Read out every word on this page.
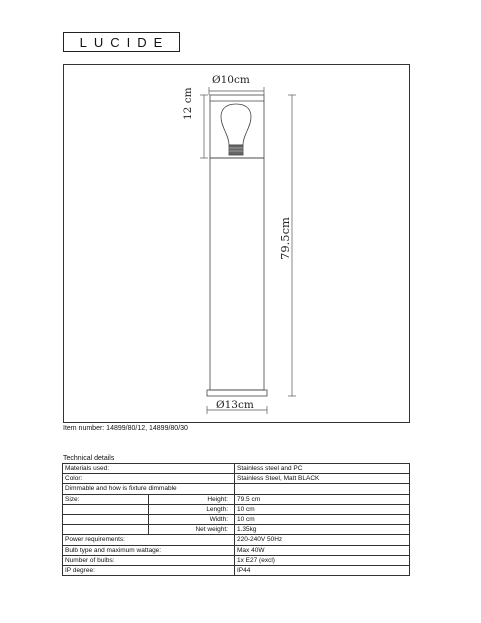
LUCIDE
Ø10cm
12 cm
79.5cm
Ø13cm
Item number: 14899/80/12, 14899/80/30
Technical details
Materials used:		Stainless steel and PC
Color:		Stainless Steel, Matt BLACK
Dimmable and how is fixture dimmable		
Size:	Height:	79.5 cm
	Length:	10 cm
	Width:	10 cm
	Net weight:	1.35kg
Power requirements:		220-240V 50Hz
Bulb type and maximum wattage:		Max 40W
Number of bulbs:		1x E27 (excl)
IP degree:		IP44
